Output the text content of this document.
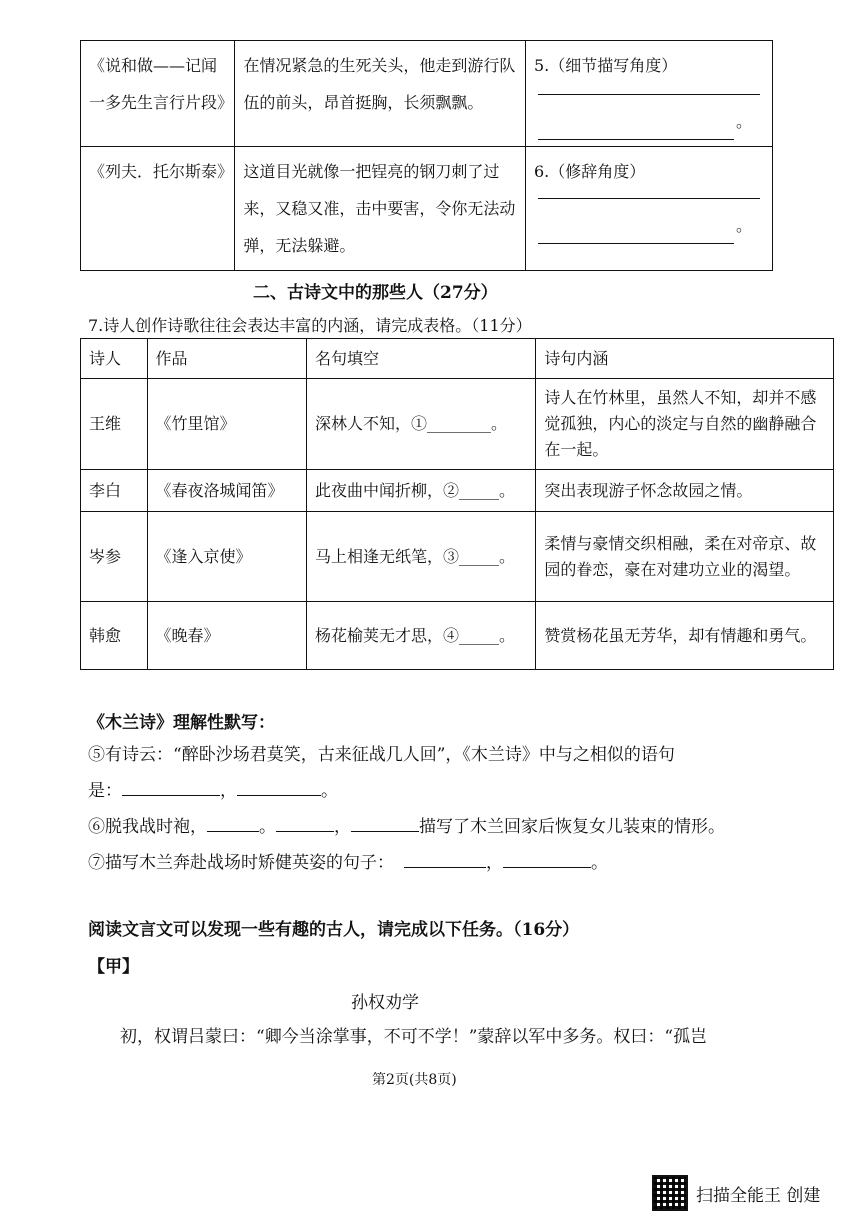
《说和做——记闻一多先生言行片段》	在情况紧急的生死关头，他走到游行队伍的前头，昂首挺胸，长须飘飘。	5.（细节描写角度）
。

《列夫．托尔斯泰》	这道目光就像一把锃亮的钢刀刺了过来，又稳又准，击中要害，令你无法动弹，无法躲避。	6.（修辞角度）
。
二、古诗文中的那些人（27分）
7.诗人创作诗歌往往会表达丰富的内涵，请完成表格。（11分）
诗人	作品	名句填空	诗句内涵
王维	《竹里馆》	深林人不知，①________。	诗人在竹林里，虽然人不知，却并不感觉孤独，内心的淡定与自然的幽静融合在一起。
李白	《春夜洛城闻笛》	此夜曲中闻折柳，②_____。	突出表现游子怀念故园之情。
岑参	《逢入京使》	马上相逢无纸笔，③_____。	柔情与豪情交织相融，柔在对帝京、故园的眷恋，豪在对建功立业的渴望。
韩愈	《晚春》	杨花榆荚无才思，④_____。	赞赏杨花虽无芳华，却有情趣和勇气。
《木兰诗》理解性默写：
⑤有诗云：“醉卧沙场君莫笑，古来征战几人回”，《木兰诗》中与之相似的语句
是：	，	。
⑥脱我战时袍，	。	，	描写了木兰回家后恢复女儿装束的情形。
⑦描写木兰奔赴战场时矫健英姿的句子：	，	。
阅读文言文可以发现一些有趣的古人，请完成以下任务。（16分）
【甲】
孙权劝学
初，权谓吕蒙曰：“卿今当涂掌事，不可不学！”蒙辞以军中多务。权曰：“孤岂
第2页(共8页)
扫描全能王 创建
